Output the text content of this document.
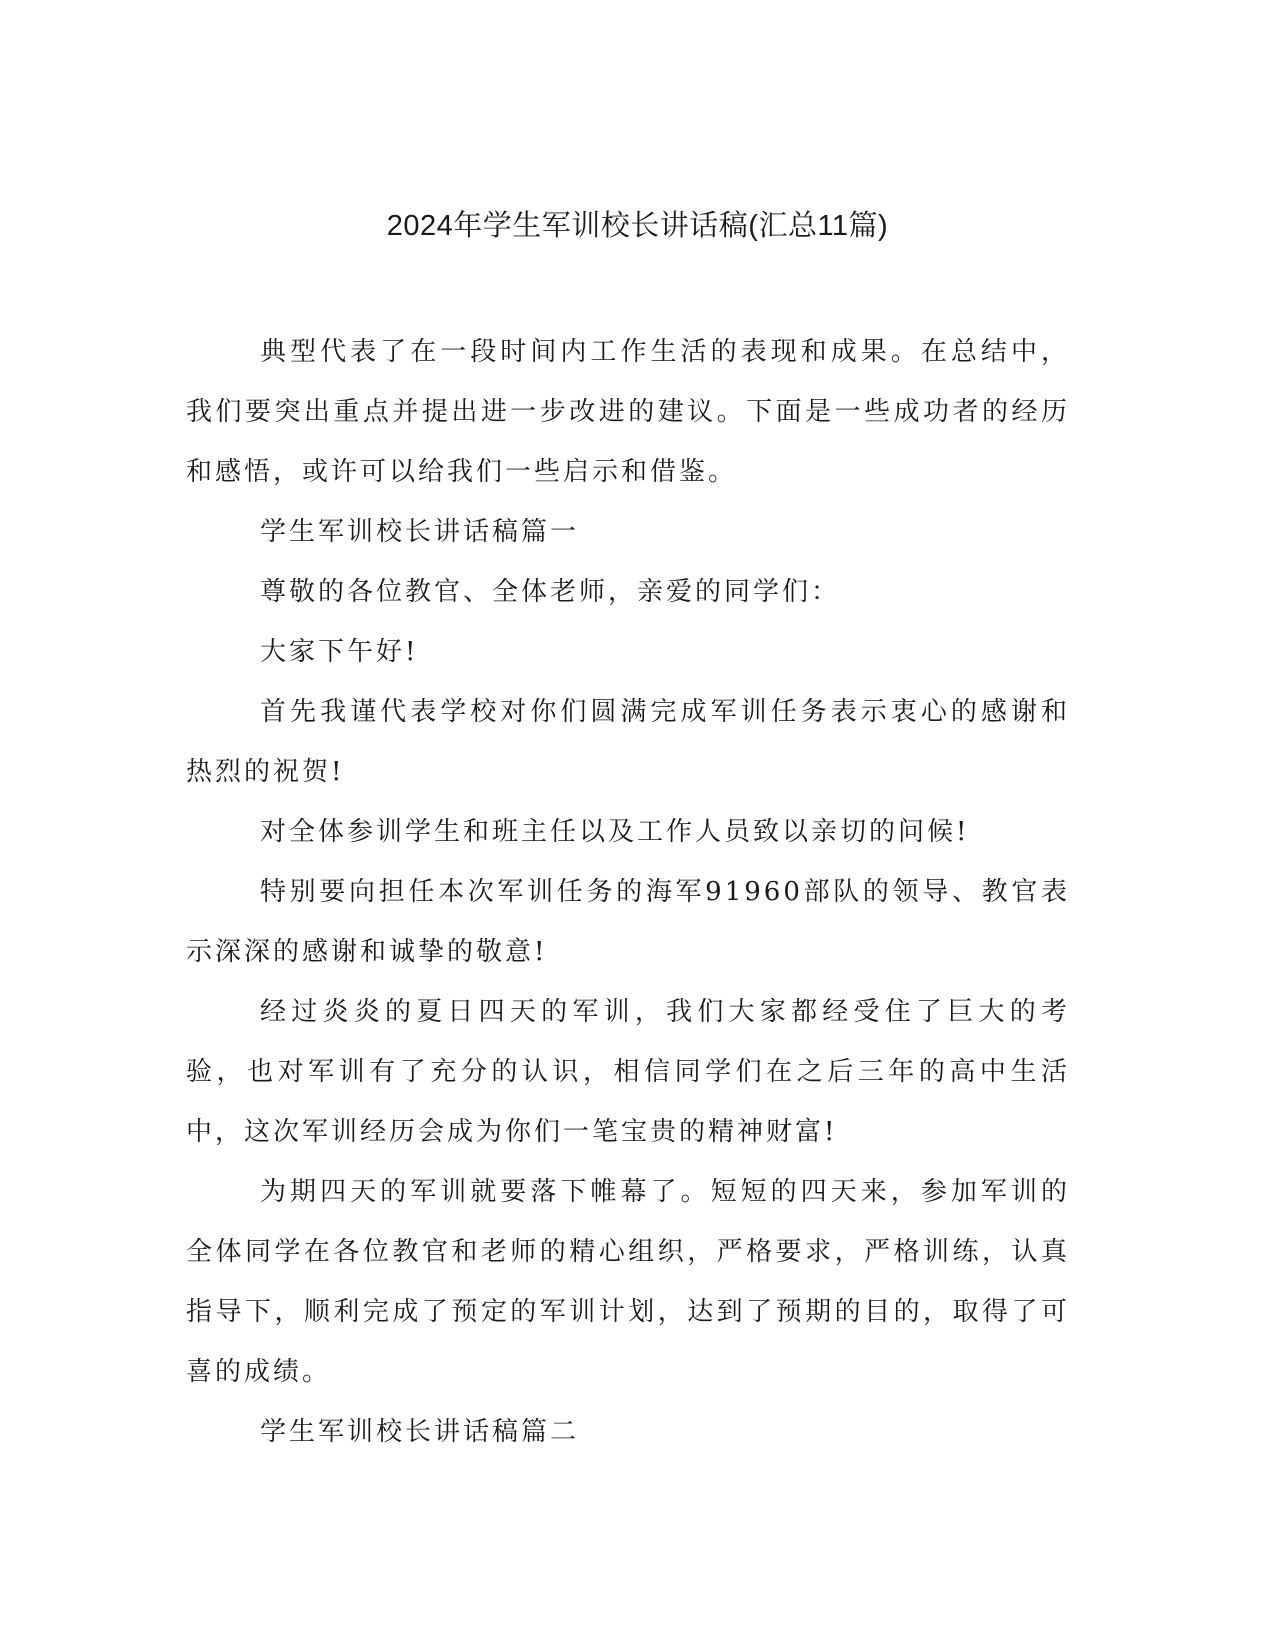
2024年学生军训校长讲话稿(汇总11篇)

典型代表了在一段时间内工作生活的表现和成果。在总结中，我们要突出重点并提出进一步改进的建议。下面是一些成功者的经历和感悟，或许可以给我们一些启示和借鉴。

学生军训校长讲话稿篇一

尊敬的各位教官、全体老师，亲爱的同学们：

大家下午好!

首先我谨代表学校对你们圆满完成军训任务表示衷心的感谢和热烈的祝贺!

对全体参训学生和班主任以及工作人员致以亲切的问候!

特别要向担任本次军训任务的海军91960部队的领导、教官表示深深的感谢和诚挚的敬意!

经过炎炎的夏日四天的军训，我们大家都经受住了巨大的考验，也对军训有了充分的认识，相信同学们在之后三年的高中生活中，这次军训经历会成为你们一笔宝贵的精神财富!

为期四天的军训就要落下帷幕了。短短的四天来，参加军训的全体同学在各位教官和老师的精心组织，严格要求，严格训练，认真指导下，顺利完成了预定的军训计划，达到了预期的目的，取得了可喜的成绩。

学生军训校长讲话稿篇二
